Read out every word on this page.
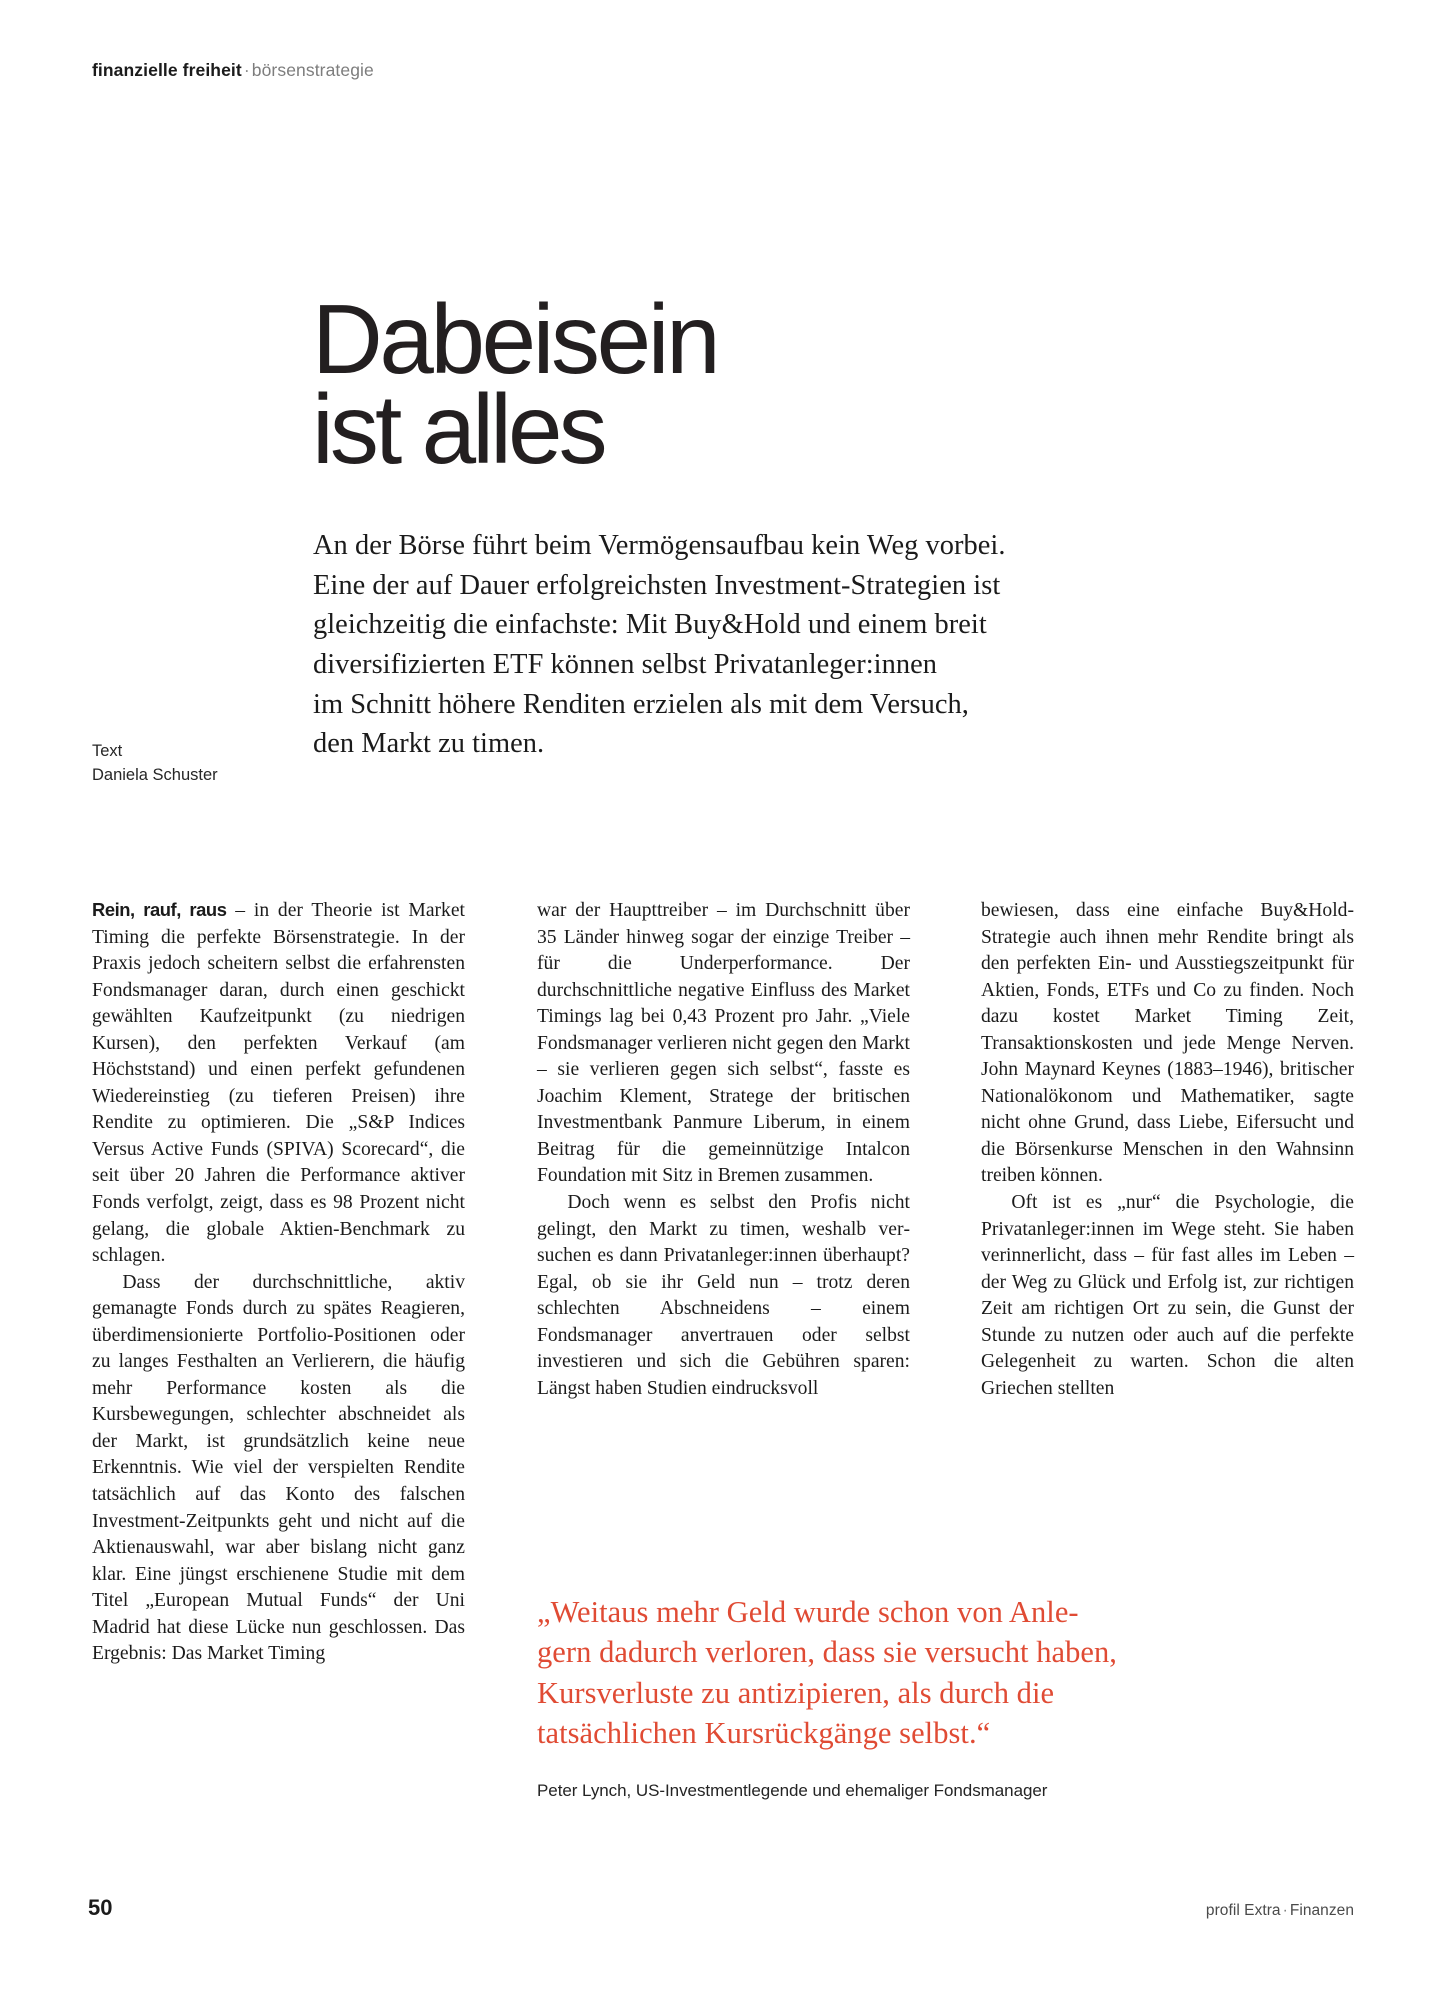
finanzielle freiheit · börsenstrategie
Dabeisein
ist alles
An der Börse führt beim Vermögensaufbau kein Weg vorbei.
Eine der auf Dauer erfolgreichsten Investment-Strategien ist
gleichzeitig die einfachste: Mit Buy&Hold und einem breit
diversifizierten ETF können selbst Privatanleger:innen
im Schnitt höhere Renditen erzielen als mit dem Versuch,
den Markt zu timen.
Text
Daniela Schuster

Rein, rauf, raus – in der Theorie ist Market Timing die perfekte Börsenstrategie. In der Praxis jedoch scheitern selbst die erfahrensten Fondsmanager daran, durch einen geschickt gewählten Kaufzeitpunkt (zu niedrigen Kursen), den perfekten Verkauf (am Höchststand) und einen perfekt gefundenen Wiedereinstieg (zu tieferen Preisen) ihre Rendite zu optimieren. Die „S&P Indices Versus Active Funds (SPIVA) Scorecard“, die seit über 20 Jahren die Performance aktiver Fonds verfolgt, zeigt, dass es 98 Prozent nicht gelang, die globale Aktien-Benchmark zu schlagen.

Dass der durchschnittliche, aktiv gemanagte Fonds durch zu spätes Reagieren, überdimensionierte Portfolio-Positionen oder zu langes Festhalten an Verlierern, die häufig mehr Performance kosten als die Kursbewegungen, schlechter abschneidet als der Markt, ist grundsätzlich keine neue Erkenntnis. Wie viel der verspielten Rendite tatsächlich auf das Konto des falschen Investment-Zeitpunkts geht und nicht auf die Aktienauswahl, war aber bislang nicht ganz klar. Eine jüngst erschienene Studie mit dem Titel „European Mutual Funds“ der Uni Madrid hat diese Lücke nun geschlossen. Das Ergebnis: Das Market Timing

war der Haupttreiber – im Durchschnitt über 35 Länder hinweg sogar der einzige Treiber – für die Underperformance. Der durchschnittliche negative Einfluss des Market Timings lag bei 0,43 Prozent pro Jahr. „Viele Fondsmanager verlieren nicht gegen den Markt – sie verlieren gegen sich selbst“, fasste es Joachim Klement, Stratege der britischen Investmentbank Panmure Liberum, in einem Beitrag für die gemeinnützige Intalcon Foundation mit Sitz in Bremen zusammen.

Doch wenn es selbst den Profis nicht gelingt, den Markt zu timen, weshalb versuchen es dann Privatanleger:innen überhaupt? Egal, ob sie ihr Geld nun – trotz deren schlechten Abschneidens – einem Fondsmanager anvertrauen oder selbst investieren und sich die Gebühren sparen: Längst haben Studien eindrucksvoll

bewiesen, dass eine einfache Buy&Hold-Strategie auch ihnen mehr Rendite bringt als den perfekten Ein- und Ausstiegszeitpunkt für Aktien, Fonds, ETFs und Co zu finden. Noch dazu kostet Market Timing Zeit, Transaktionskosten und jede Menge Nerven. John Maynard Keynes (1883–1946), britischer Nationalökonom und Mathematiker, sagte nicht ohne Grund, dass Liebe, Eifersucht und die Börsenkurse Menschen in den Wahnsinn treiben können.

Oft ist es „nur“ die Psychologie, die Privatanleger:innen im Wege steht. Sie haben verinnerlicht, dass – für fast alles im Leben – der Weg zu Glück und Erfolg ist, zur richtigen Zeit am richtigen Ort zu sein, die Gunst der Stunde zu nutzen oder auch auf die perfekte Gelegenheit zu warten. Schon die alten Griechen stellten

„Weitaus mehr Geld wurde schon von Anle-
gern dadurch verloren, dass sie versucht haben,
Kursverluste zu antizipieren, als durch die
tatsächlichen Kursrückgänge selbst.“
Peter Lynch, US-Investmentlegende und ehemaliger Fondsmanager
50	profil Extra · Finanzen
